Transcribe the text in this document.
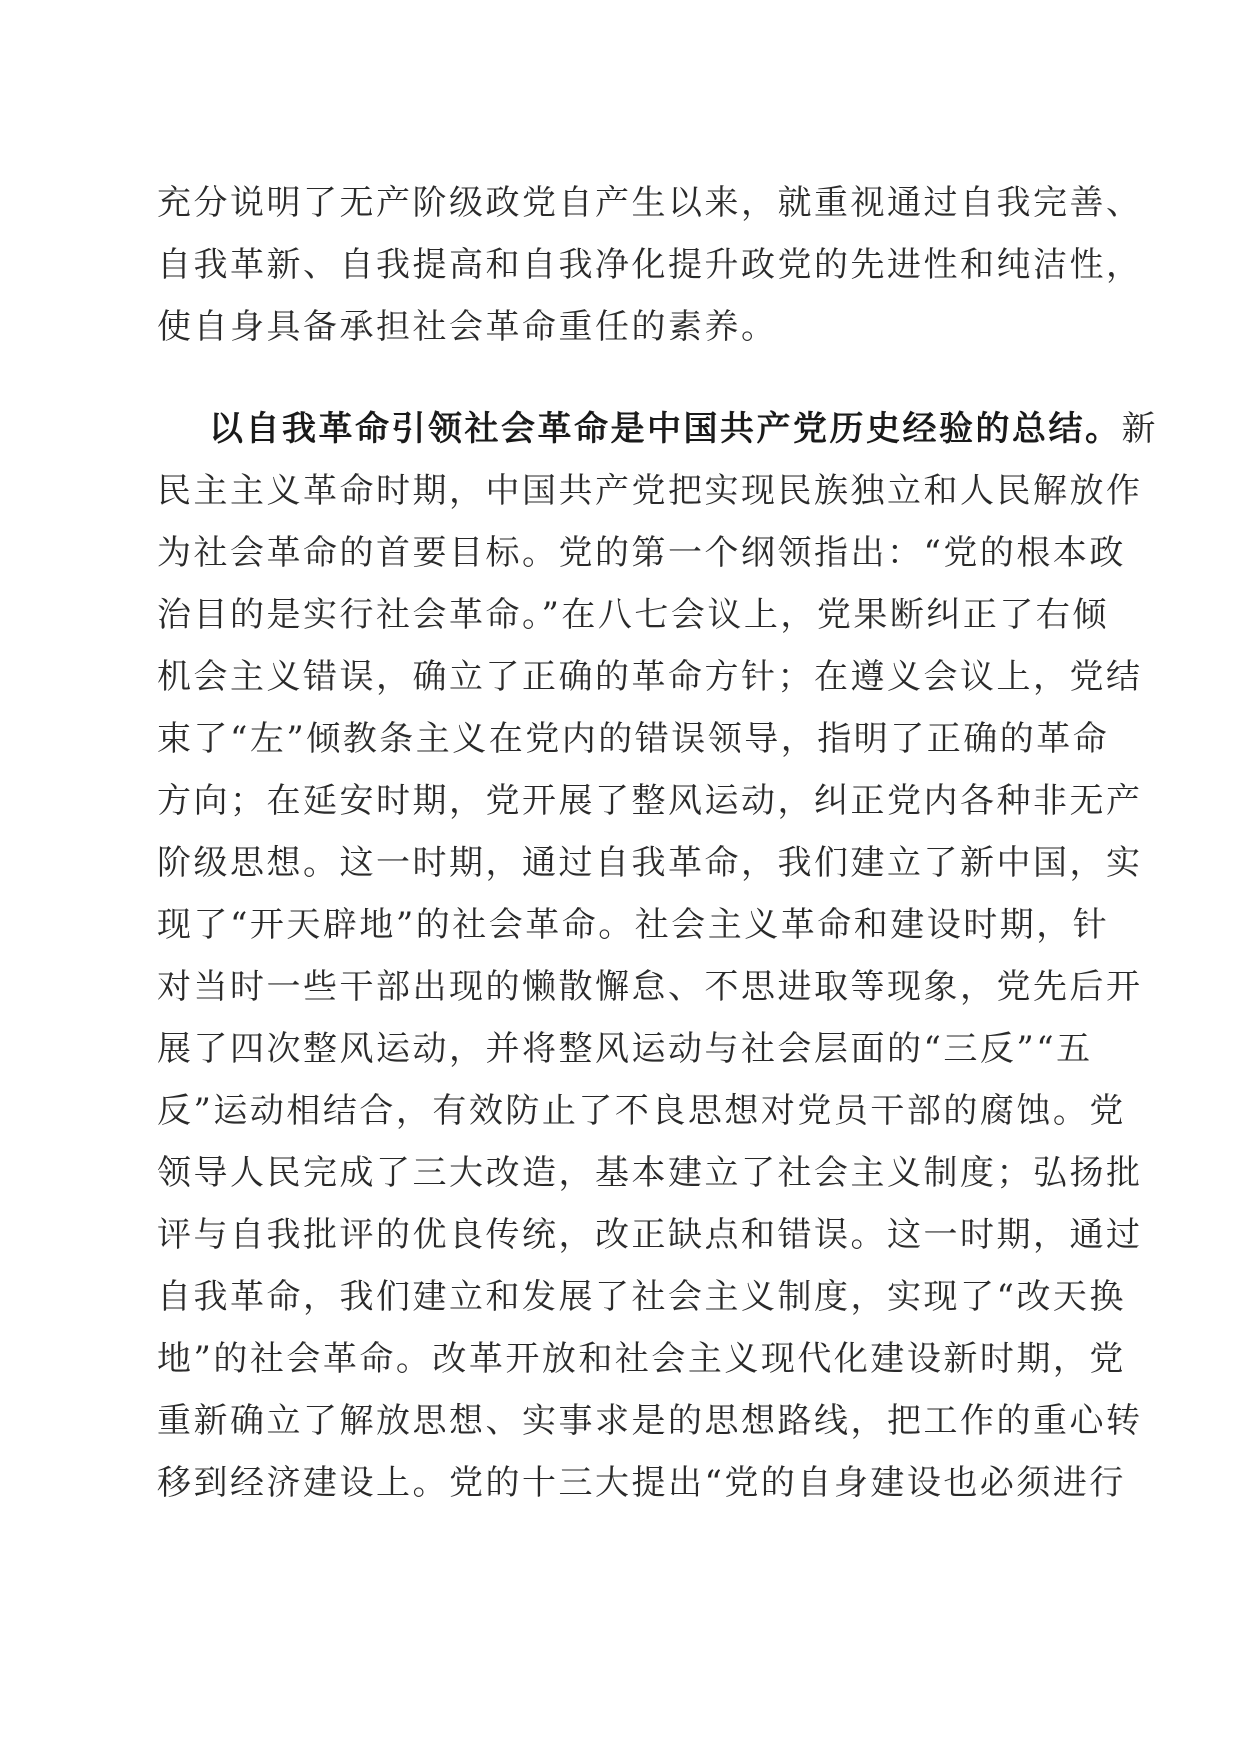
充分说明了无产阶级政党自产生以来，就重视通过自我完善、
自我革新、自我提高和自我净化提升政党的先进性和纯洁性，
使自身具备承担社会革命重任的素养。
以自我革命引领社会革命是中国共产党历史经验的总结。新
民主主义革命时期，中国共产党把实现民族独立和人民解放作
为社会革命的首要目标。党的第一个纲领指出：“党的根本政
治目的是实行社会革命。”在八七会议上，党果断纠正了右倾
机会主义错误，确立了正确的革命方针；在遵义会议上，党结
束了“左”倾教条主义在党内的错误领导，指明了正确的革命
方向；在延安时期，党开展了整风运动，纠正党内各种非无产
阶级思想。这一时期，通过自我革命，我们建立了新中国，实
现了“开天辟地”的社会革命。社会主义革命和建设时期，针
对当时一些干部出现的懒散懈怠、不思进取等现象，党先后开
展了四次整风运动，并将整风运动与社会层面的“三反”“五
反”运动相结合，有效防止了不良思想对党员干部的腐蚀。党
领导人民完成了三大改造，基本建立了社会主义制度；弘扬批
评与自我批评的优良传统，改正缺点和错误。这一时期，通过
自我革命，我们建立和发展了社会主义制度，实现了“改天换
地”的社会革命。改革开放和社会主义现代化建设新时期，党
重新确立了解放思想、实事求是的思想路线，把工作的重心转
移到经济建设上。党的十三大提出“党的自身建设也必须进行
